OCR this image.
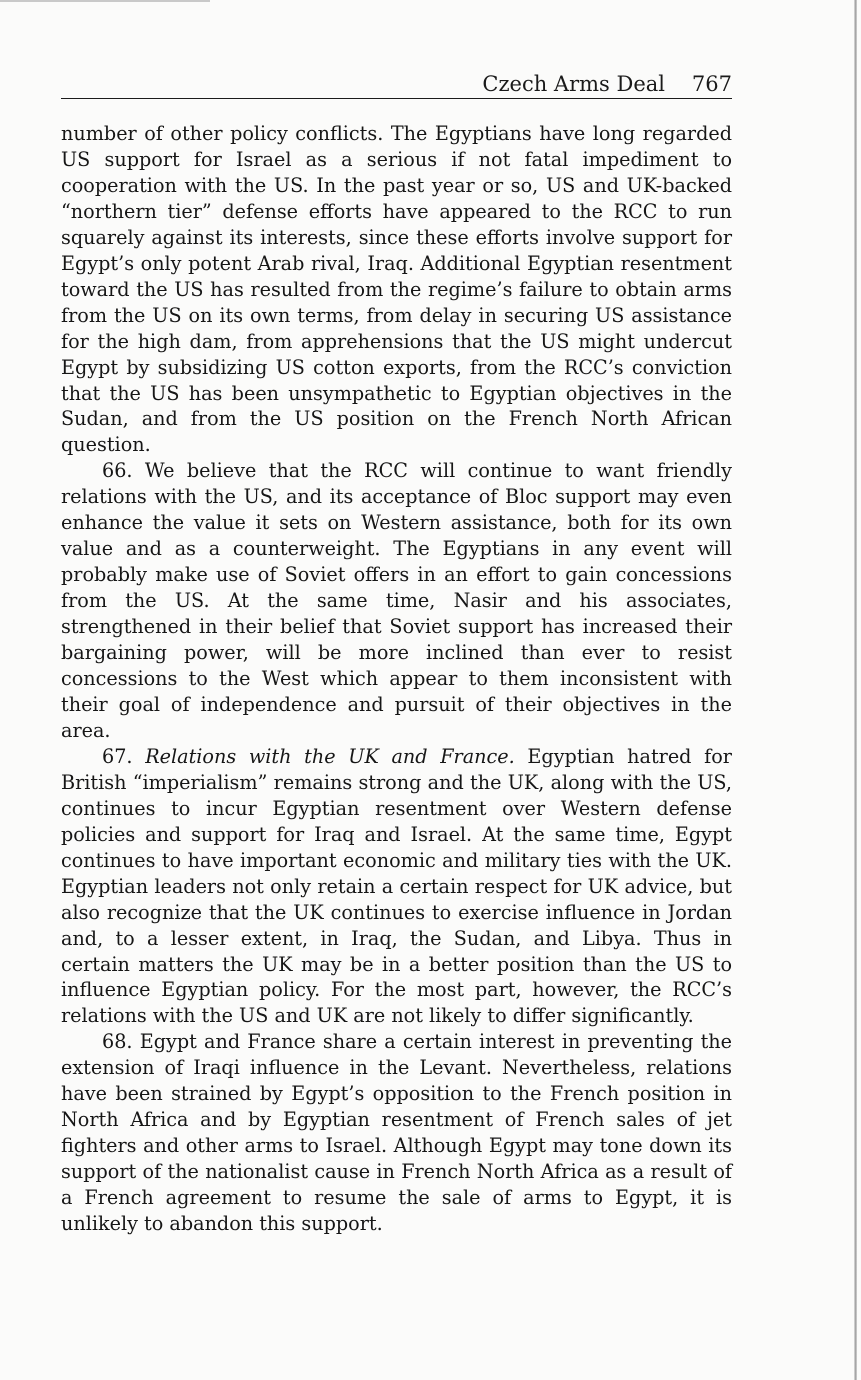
Czech Arms Deal 767

number of other policy conflicts. The Egyptians have long regarded US support for Israel as a serious if not fatal impediment to cooperation with the US. In the past year or so, US and UK-backed “northern tier” defense efforts have appeared to the RCC to run squarely against its interests, since these efforts involve support for Egypt’s only potent Arab rival, Iraq. Additional Egyptian resentment toward the US has resulted from the regime’s failure to obtain arms from the US on its own terms, from delay in securing US assistance for the high dam, from apprehensions that the US might undercut Egypt by subsidizing US cotton exports, from the RCC’s conviction that the US has been unsympathetic to Egyptian objectives in the Sudan, and from the US position on the French North African question.

66. We believe that the RCC will continue to want friendly relations with the US, and its acceptance of Bloc support may even enhance the value it sets on Western assistance, both for its own value and as a counterweight. The Egyptians in any event will probably make use of Soviet offers in an effort to gain concessions from the US. At the same time, Nasir and his associates, strengthened in their belief that Soviet support has increased their bargaining power, will be more inclined than ever to resist concessions to the West which appear to them inconsistent with their goal of independence and pursuit of their objectives in the area.

67. Relations with the UK and France. Egyptian hatred for British “imperialism” remains strong and the UK, along with the US, continues to incur Egyptian resentment over Western defense policies and support for Iraq and Israel. At the same time, Egypt continues to have important economic and military ties with the UK. Egyptian leaders not only retain a certain respect for UK advice, but also recognize that the UK continues to exercise influence in Jordan and, to a lesser extent, in Iraq, the Sudan, and Libya. Thus in certain matters the UK may be in a better position than the US to influence Egyptian policy. For the most part, however, the RCC’s relations with the US and UK are not likely to differ significantly.

68. Egypt and France share a certain interest in preventing the extension of Iraqi influence in the Levant. Nevertheless, relations have been strained by Egypt’s opposition to the French position in North Africa and by Egyptian resentment of French sales of jet fighters and other arms to Israel. Although Egypt may tone down its support of the nationalist cause in French North Africa as a result of a French agreement to resume the sale of arms to Egypt, it is unlikely to abandon this support.
